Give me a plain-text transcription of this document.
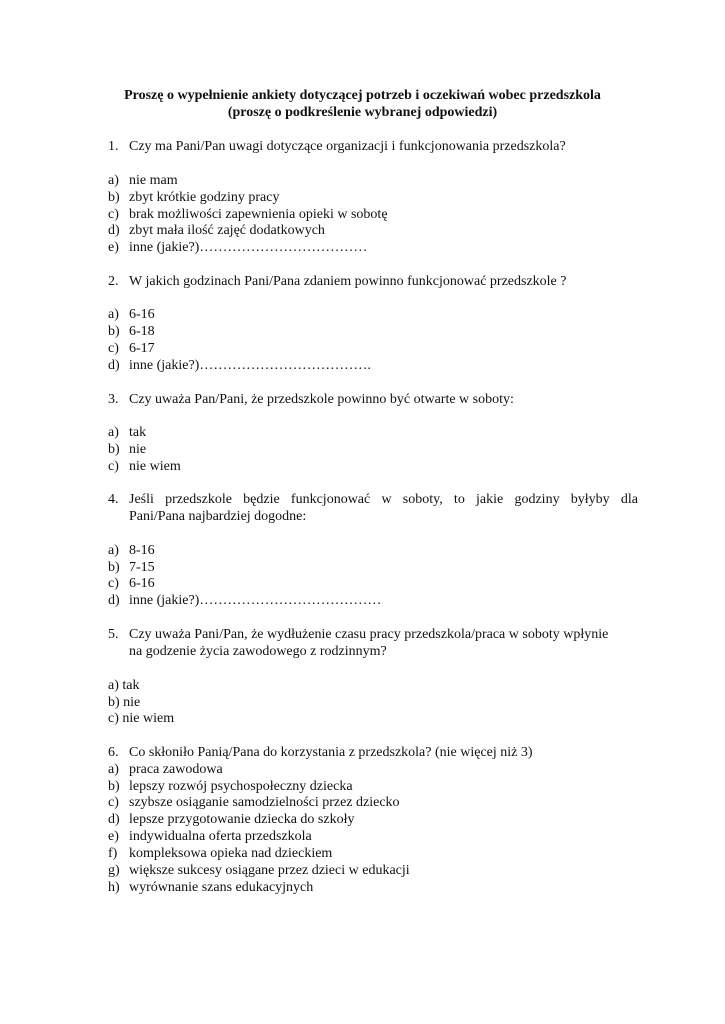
Proszę o wypełnienie ankiety dotyczącej potrzeb i oczekiwań wobec przedszkola
(proszę o podkreślenie wybranej odpowiedzi)
1. Czy ma Pani/Pan uwagi dotyczące organizacji i funkcjonowania przedszkola?
a) nie mam
b) zbyt krótkie godziny pracy
c) brak możliwości zapewnienia opieki w sobotę
d) zbyt mała ilość zajęć dodatkowych
e) inne (jakie?)………………………………
2. W jakich godzinach Pani/Pana zdaniem powinno funkcjonować przedszkole ?
a) 6-16
b) 6-18
c) 6-17
d) inne (jakie?)……………………………….
3. Czy uważa Pan/Pani, że przedszkole powinno być otwarte w soboty:
a) tak
b) nie
c) nie wiem
4. Jeśli przedszkole będzie funkcjonować w soboty, to jakie godziny byłyby dla
Pani/Pana najbardziej dogodne:
a) 8-16
b) 7-15
c) 6-16
d) inne (jakie?)…………………………………
5. Czy uważa Pani/Pan, że wydłużenie czasu pracy przedszkola/praca w soboty wpłynie
na godzenie życia zawodowego z rodzinnym?
a) tak
b) nie
c) nie wiem
6. Co skłoniło Panią/Pana do korzystania z przedszkola? (nie więcej niż 3)
a) praca zawodowa
b) lepszy rozwój psychospołeczny dziecka
c) szybsze osiąganie samodzielności przez dziecko
d) lepsze przygotowanie dziecka do szkoły
e) indywidualna oferta przedszkola
f) kompleksowa opieka nad dzieckiem
g) większe sukcesy osiągane przez dzieci w edukacji
h) wyrównanie szans edukacyjnych
